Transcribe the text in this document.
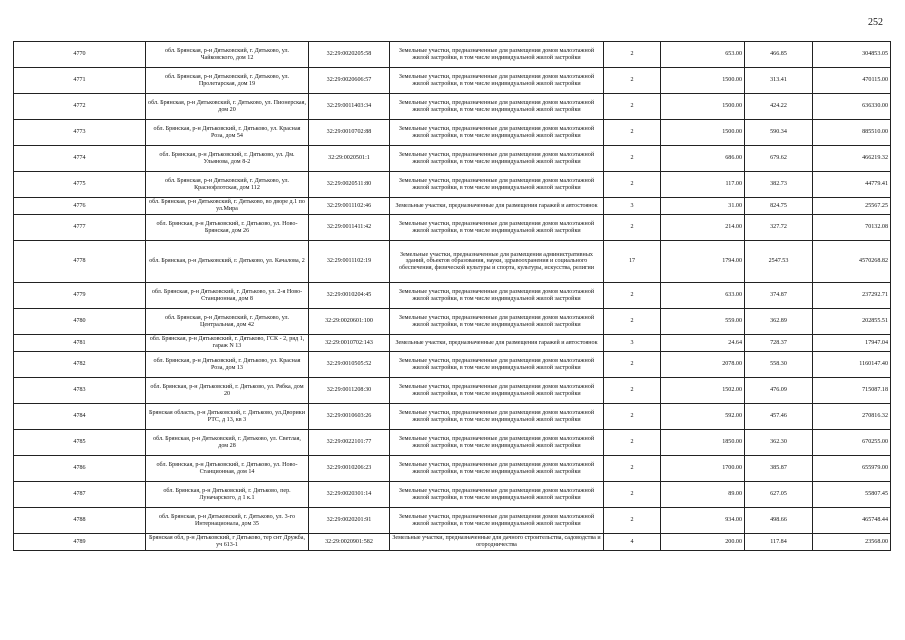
252
4770	обл. Брянская, р-н Дятьковский, г. Дятьково, ул. Чайковского, дом 12	32:29:0020205:58	Земельные участки, предназначенные для размещения домов малоэтажной жилой застройки, в том числе индивидуальной жилой застройки	2	653.00	466.85	304853.05
4771	обл. Брянская, р-н Дятьковский, г. Дятьково, ул. Пролетарская, дом 19	32:29:0020606:57	Земельные участки, предназначенные для размещения домов малоэтажной жилой застройки, в том числе индивидуальной жилой застройки	2	1500.00	313.41	470115.00
4772	обл. Брянская, р-н Дятьковский, г. Дятьково, ул. Пионерская, дом 20	32:29:0011403:34	Земельные участки, предназначенные для размещения домов малоэтажной жилой застройки, в том числе индивидуальной жилой застройки	2	1500.00	424.22	636330.00
4773	обл. Брянская, р-н Дятьковский, г. Дятьково, ул. Красная Роза, дом 54	32:29:0010702:88	Земельные участки, предназначенные для размещения домов малоэтажной жилой застройки, в том числе индивидуальной жилой застройки	2	1500.00	590.34	885510.00
4774	обл. Брянская, р-н Дятьковский, г. Дятьково, ул. Дм. Ульянова, дом 8-2	32:29:0020501:1	Земельные участки, предназначенные для размещения домов малоэтажной жилой застройки, в том числе индивидуальной жилой застройки	2	686.00	679.62	466219.32
4775	обл. Брянская, р-н Дятьковский, г. Дятьково, ул. Краснофлотская, дом 112	32:29:0020511:80	Земельные участки, предназначенные для размещения домов малоэтажной жилой застройки, в том числе индивидуальной жилой застройки	2	117.00	382.73	44779.41
4776	обл. Брянская, р-н Дятьковский, г. Дятьково, во дворе д.1 по ул.Мира	32:29:0011102:46	Земельные участки, предназначенные для размещения гаражей и автостоянок	3	31.00	824.75	25567.25
4777	обл. Брянская, р-н Дятьковский, г. Дятьково, ул. Ново-Брянская, дом 26	32:29:0011411:42	Земельные участки, предназначенные для размещения домов малоэтажной жилой застройки, в том числе индивидуальной жилой застройки	2	214.00	327.72	70132.08
4778	обл. Брянская, р-н Дятьковский, г. Дятьково, ул. Качалова, 2	32:29:0011102:19	Земельные участки, предназначенные для размещения административных зданий, объектов образования, науки, здравоохранения и социального обеспечения, физической культуры и спорта, культуры, искусства, религии	17	1794.00	2547.53	4570268.82
4779	обл. Брянская, р-н Дятьковский, г. Дятьково, ул. 2-я Ново-Станционная, дом 8	32:29:0010204:45	Земельные участки, предназначенные для размещения домов малоэтажной жилой застройки, в том числе индивидуальной жилой застройки	2	633.00	374.87	237292.71
4780	обл. Брянская, р-н Дятьковский, г. Дятьково, ул. Центральная, дом 42	32:29:0020601:100	Земельные участки, предназначенные для размещения домов малоэтажной жилой застройки, в том числе индивидуальной жилой застройки	2	559.00	362.89	202855.51
4781	обл. Брянская, р-н Дятьковский, г. Дятьково, ГСК - 2, ряд 1, гараж N 13	32:29:0010702:143	Земельные участки, предназначенные для размещения гаражей и автостоянок	3	24.64	728.37	17947.04
4782	обл. Брянская, р-н Дятьковский, г. Дятьково, ул. Красная Роза, дом 13	32:29:0010505:52	Земельные участки, предназначенные для размещения домов малоэтажной жилой застройки, в том числе индивидуальной жилой застройки	2	2078.00	558.30	1160147.40
4783	обл. Брянская, р-н Дятьковский, г. Дятьково, ул. Рябка, дом 20	32:29:0011208:30	Земельные участки, предназначенные для размещения домов малоэтажной жилой застройки, в том числе индивидуальной жилой застройки	2	1502.00	476.09	715087.18
4784	Брянская область, р-н Дятьковский, г. Дятьково, ул.Дворики РТС, д 13, кв 3	32:29:0010603:26	Земельные участки, предназначенные для размещения домов малоэтажной жилой застройки, в том числе индивидуальной жилой застройки	2	592.00	457.46	270816.32
4785	обл. Брянская, р-н Дятьковский, г. Дятьково, ул. Светлая, дом 28	32:29:0022101:77	Земельные участки, предназначенные для размещения домов малоэтажной жилой застройки, в том числе индивидуальной жилой застройки	2	1850.00	362.30	670255.00
4786	обл. Брянская, р-н Дятьковский, г. Дятьково, ул. Ново-Станционная, дом 14	32:29:0010206:23	Земельные участки, предназначенные для размещения домов малоэтажной жилой застройки, в том числе индивидуальной жилой застройки	2	1700.00	385.87	655979.00
4787	обл. Брянская, р-н Дятьковский, г. Дятьково, пер. Луначарского, д 1 к.1	32:29:0020301:14	Земельные участки, предназначенные для размещения домов малоэтажной жилой застройки, в том числе индивидуальной жилой застройки	2	89.00	627.05	55807.45
4788	обл. Брянская, р-н Дятьковский, г. Дятьково, ул. 3-го Интернационала, дом 35	32:29:0020201:91	Земельные участки, предназначенные для размещения домов малоэтажной жилой застройки, в том числе индивидуальной жилой застройки	2	934.00	498.66	465748.44
4789	Брянская обл, р-н Дятьковский, г Дятьково, тер снт Дружба, уч 613-1	32:29:0020901:582	Земельные участки, предназначенные для дачного строительства, садоводства и огородничества	4	200.00	117.84	23568.00
